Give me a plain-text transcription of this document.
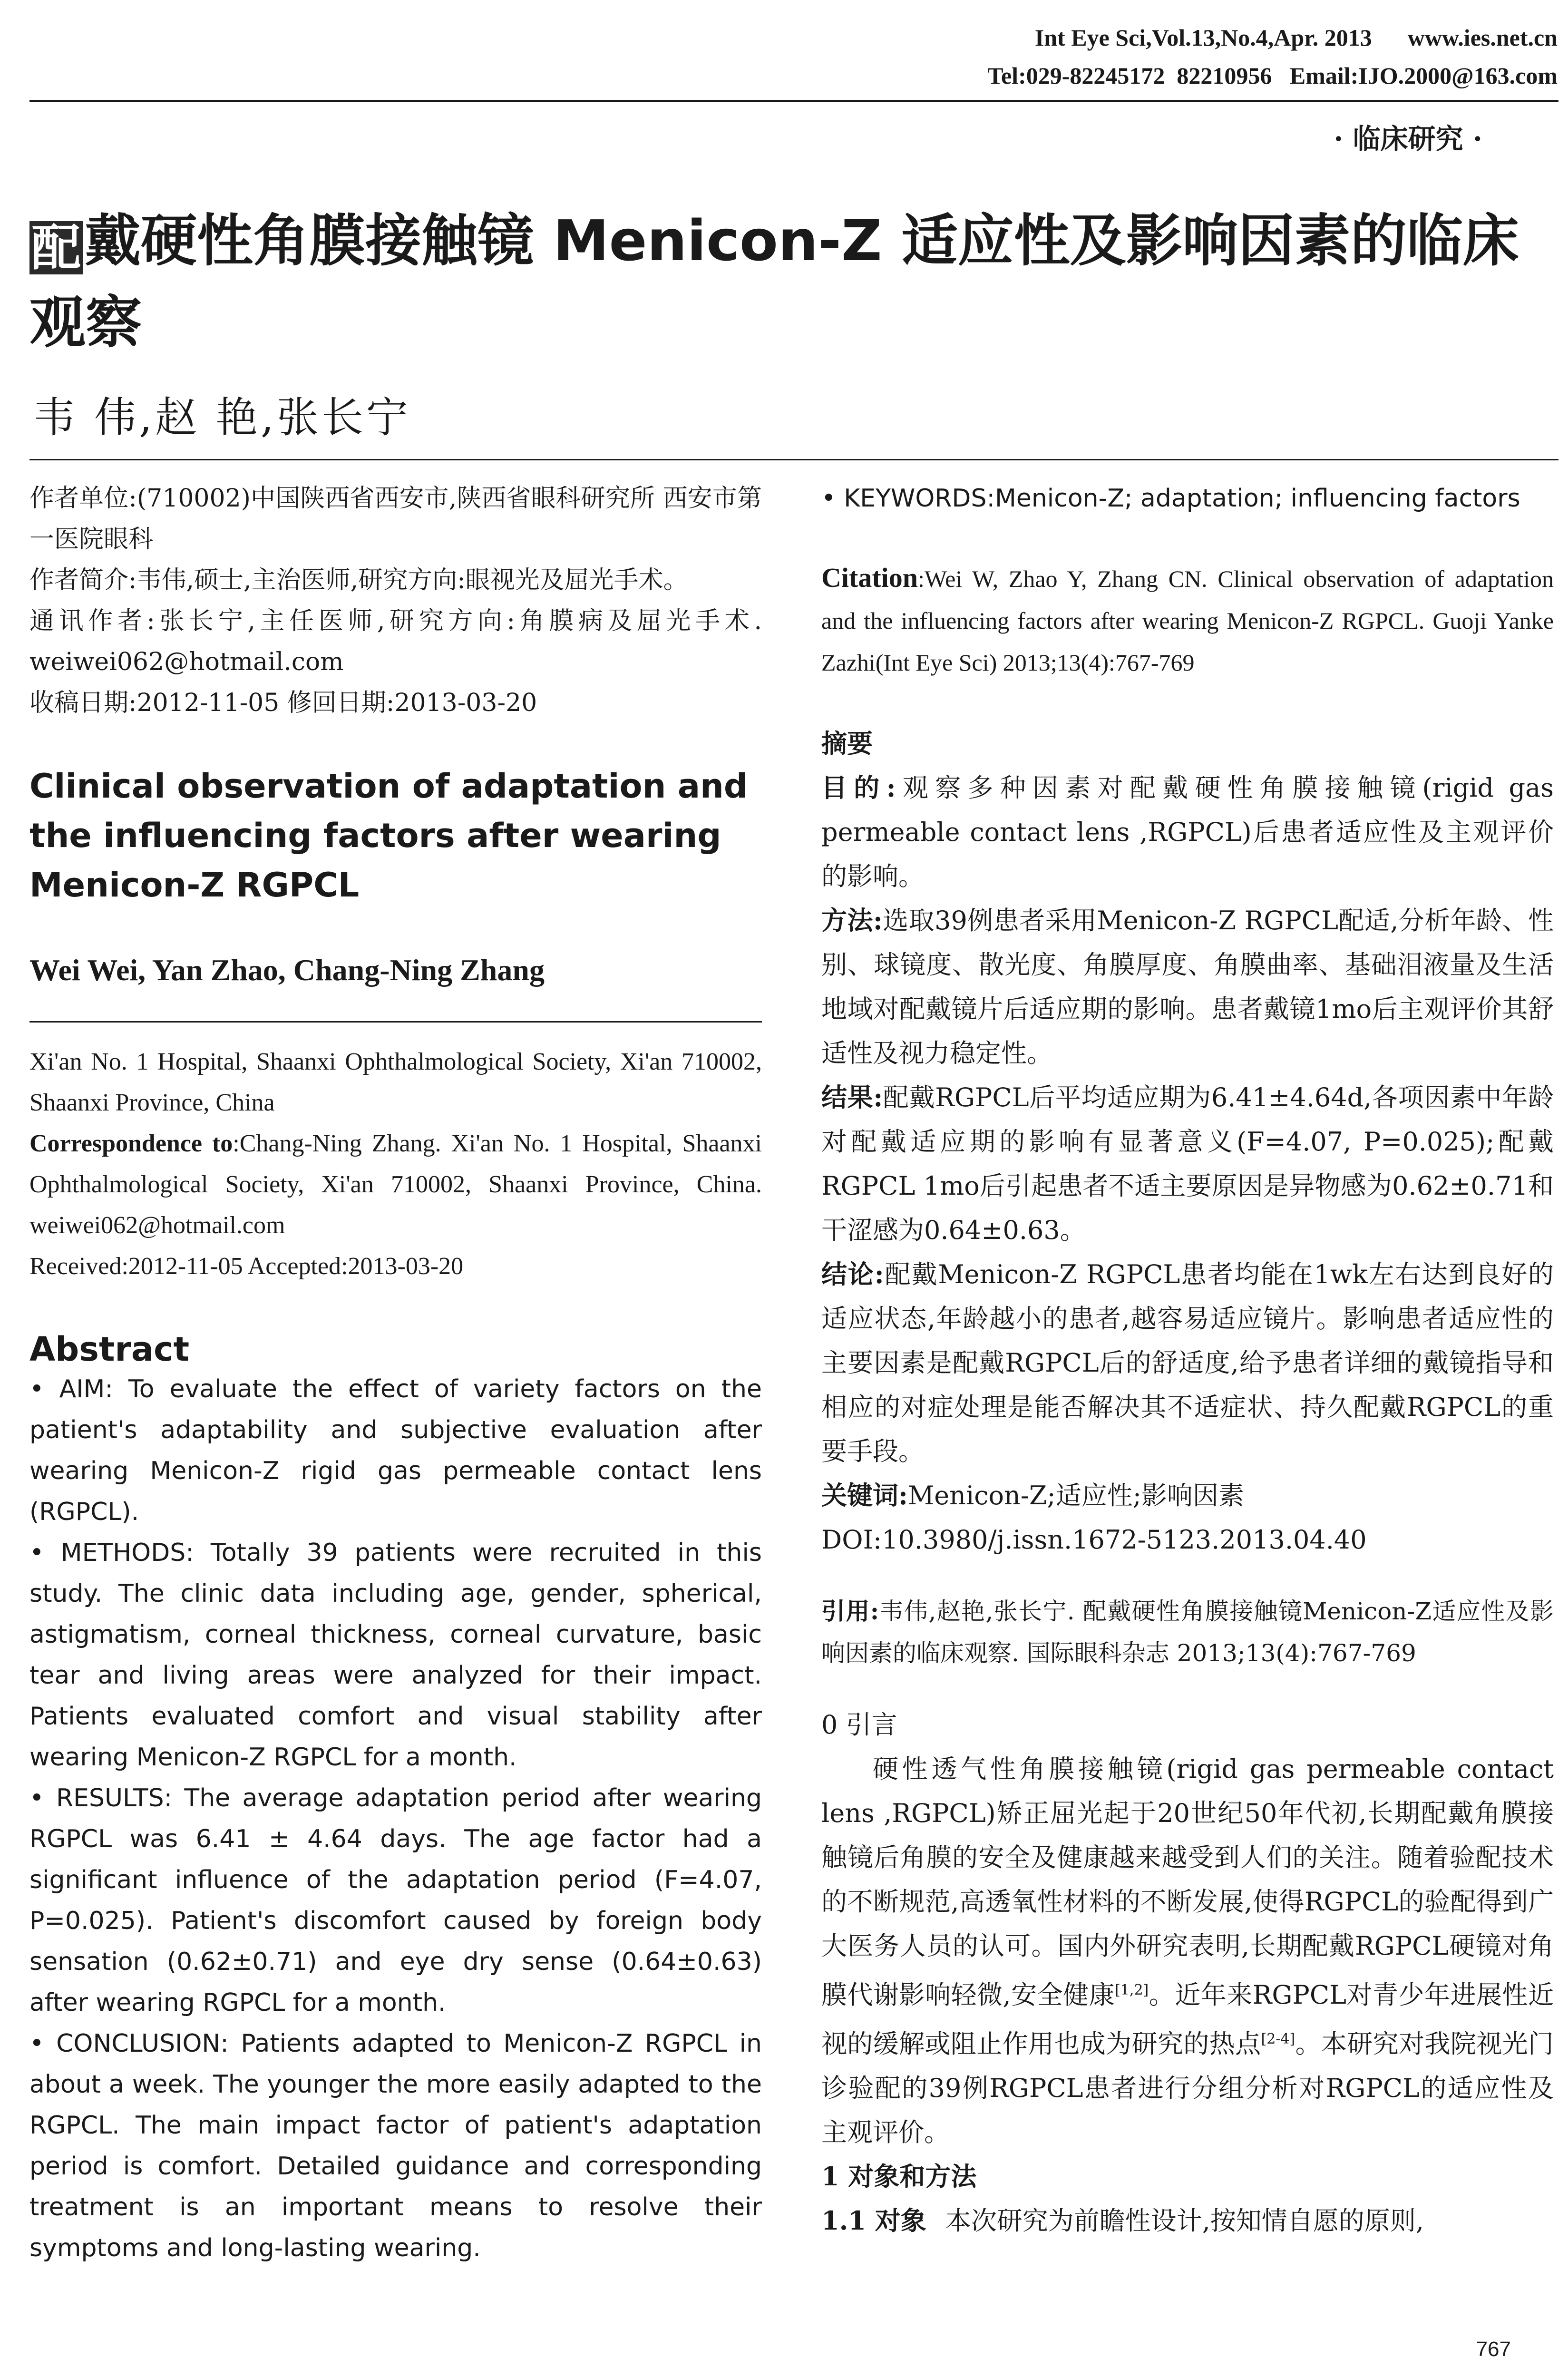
Int Eye Sci,Vol.13,No.4,Apr. 2013      www.ies.net.cn
Tel:029-82245172  82210956   Email:IJO.2000@163.com
· 临床研究 ·
配戴硬性角膜接触镜 Menicon-Z 适应性及影响因素的临床观察
韦 伟,赵 艳,张长宁
作者单位:(710002)中国陕西省西安市,陕西省眼科研究所 西安市第一医院眼科
作者简介:韦伟,硕士,主治医师,研究方向:眼视光及屈光手术。
通讯作者:张长宁,主任医师,研究方向:角膜病及屈光手术. weiwei062@hotmail.com
收稿日期:2012-11-05 修回日期:2013-03-20
Clinical observation of adaptation and the influencing factors after wearing Menicon-Z RGPCL
Wei Wei, Yan Zhao, Chang-Ning Zhang
Xi'an No. 1 Hospital, Shaanxi Ophthalmological Society, Xi'an 710002, Shaanxi Province, China
Correspondence to:Chang-Ning Zhang. Xi'an No. 1 Hospital, Shaanxi Ophthalmological Society, Xi'an 710002, Shaanxi Province, China. weiwei062@hotmail.com
Received:2012-11-05 Accepted:2013-03-20
Abstract
• AIM: To evaluate the effect of variety factors on the patient's adaptability and subjective evaluation after wearing Menicon-Z rigid gas permeable contact lens (RGPCL).
• METHODS: Totally 39 patients were recruited in this study. The clinic data including age, gender, spherical, astigmatism, corneal thickness, corneal curvature, basic tear and living areas were analyzed for their impact. Patients evaluated comfort and visual stability after wearing Menicon-Z RGPCL for a month.
• RESULTS: The average adaptation period after wearing RGPCL was 6.41 ± 4.64 days. The age factor had a significant influence of the adaptation period (F=4.07, P=0.025). Patient's discomfort caused by foreign body sensation (0.62±0.71) and eye dry sense (0.64±0.63) after wearing RGPCL for a month.
• CONCLUSION: Patients adapted to Menicon-Z RGPCL in about a week. The younger the more easily adapted to the RGPCL. The main impact factor of patient's adaptation period is comfort. Detailed guidance and corresponding treatment is an important means to resolve their symptoms and long-lasting wearing.
• KEYWORDS:Menicon-Z; adaptation; influencing factors
Citation:Wei W, Zhao Y, Zhang CN. Clinical observation of adaptation and the influencing factors after wearing Menicon-Z RGPCL. Guoji Yanke Zazhi(Int Eye Sci) 2013;13(4):767-769
摘要
目的:观察多种因素对配戴硬性角膜接触镜(rigid gas permeable contact lens ,RGPCL)后患者适应性及主观评价的影响。
方法:选取39例患者采用Menicon-Z RGPCL配适,分析年龄、性别、球镜度、散光度、角膜厚度、角膜曲率、基础泪液量及生活地域对配戴镜片后适应期的影响。患者戴镜1mo后主观评价其舒适性及视力稳定性。
结果:配戴RGPCL后平均适应期为6.41±4.64d,各项因素中年龄对配戴适应期的影响有显著意义(F=4.07, P=0.025);配戴RGPCL 1mo后引起患者不适主要原因是异物感为0.62±0.71和干涩感为0.64±0.63。
结论:配戴Menicon-Z RGPCL患者均能在1wk左右达到良好的适应状态,年龄越小的患者,越容易适应镜片。影响患者适应性的主要因素是配戴RGPCL后的舒适度,给予患者详细的戴镜指导和相应的对症处理是能否解决其不适症状、持久配戴RGPCL的重要手段。
关键词:Menicon-Z;适应性;影响因素
DOI:10.3980/j.issn.1672-5123.2013.04.40
引用:韦伟,赵艳,张长宁. 配戴硬性角膜接触镜Menicon-Z适应性及影响因素的临床观察. 国际眼科杂志 2013;13(4):767-769
0 引言
硬性透气性角膜接触镜(rigid gas permeable contact lens ,RGPCL)矫正屈光起于20世纪50年代初,长期配戴角膜接触镜后角膜的安全及健康越来越受到人们的关注。随着验配技术的不断规范,高透氧性材料的不断发展,使得RGPCL的验配得到广大医务人员的认可。国内外研究表明,长期配戴RGPCL硬镜对角膜代谢影响轻微,安全健康[1,2]。近年来RGPCL对青少年进展性近视的缓解或阻止作用也成为研究的热点[2-4]。本研究对我院视光门诊验配的39例RGPCL患者进行分组分析对RGPCL的适应性及主观评价。
1 对象和方法
1.1 对象 本次研究为前瞻性设计,按知情自愿的原则,
767
